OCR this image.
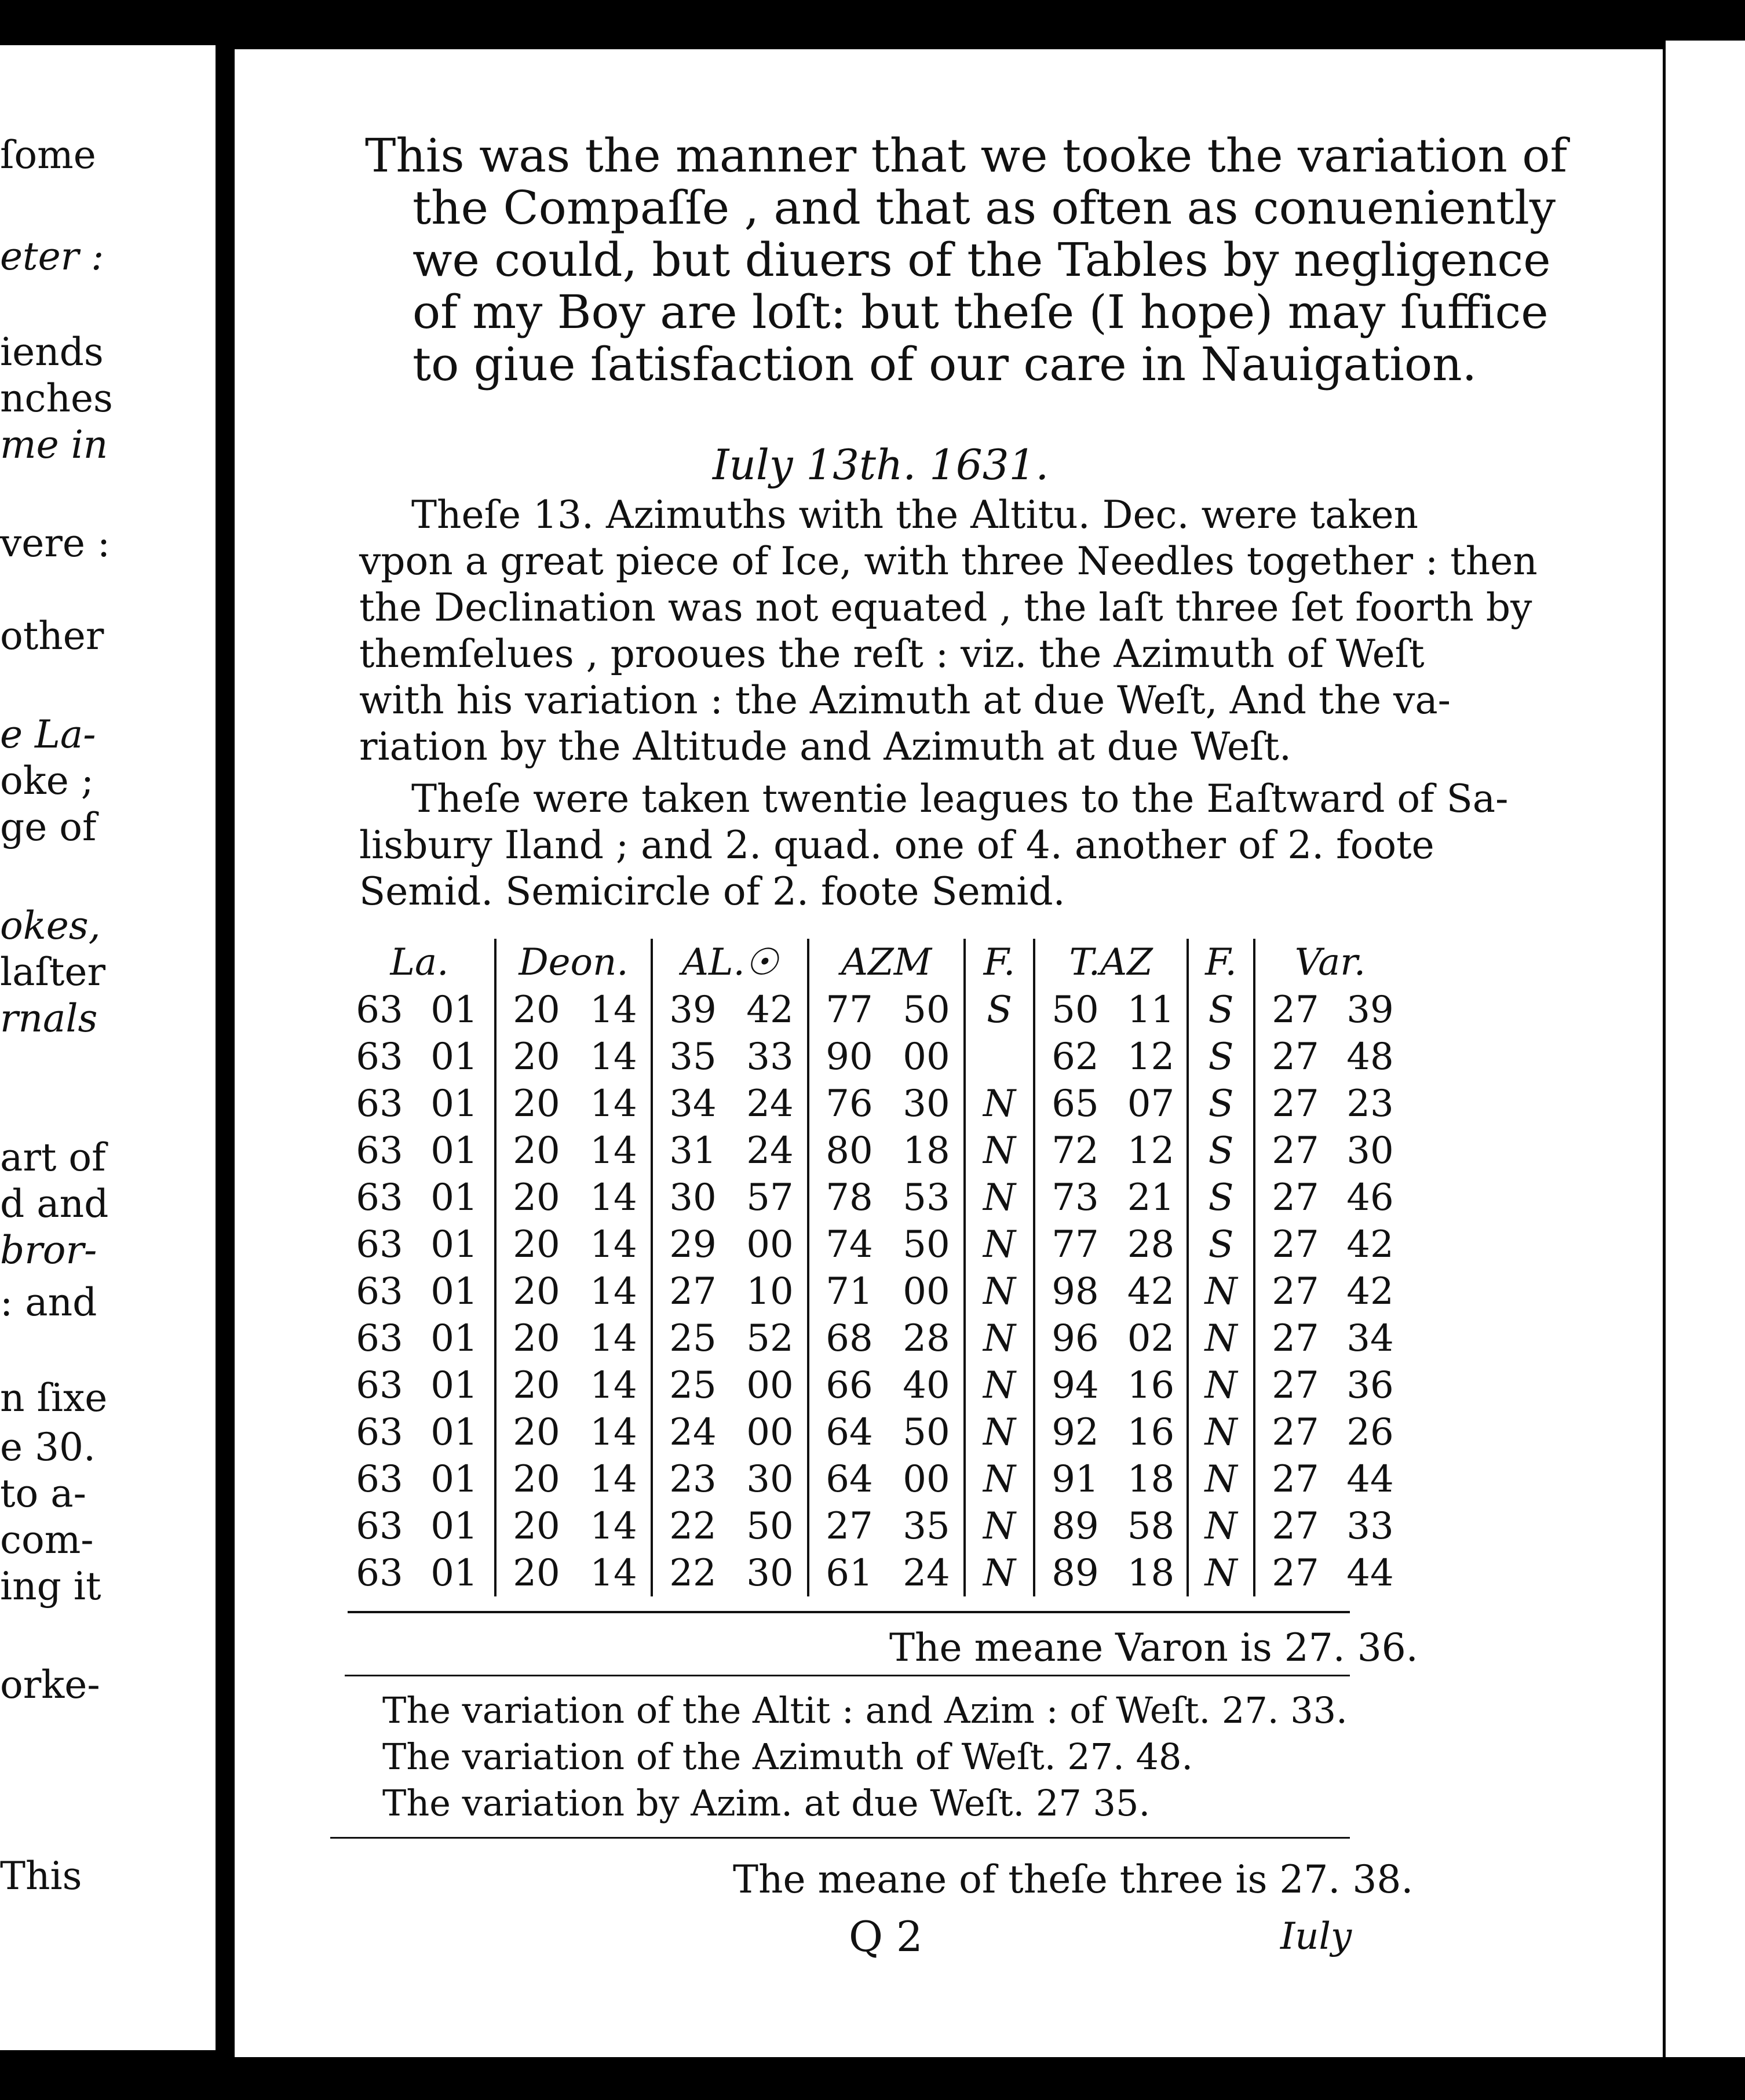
ſome
eter :
iends
nches
me in
vere :
other
e La-
oke ;
ge of
okes,
laſter
rnals
art of
d and
bror-
: and
n ſixe
e 30.
to a-
com-
ing it
orke-
This
This was the manner that we tooke the variation of
the Compaſſe , and that as often as conueniently
we could, but diuers of the Tables by negligence
of my Boy are loſt: but theſe (I hope) may ſuffice
to giue ſatisfaction of our care in Nauigation.
Iuly 13th. 1631.
Theſe 13. Azimuths with the Altitu. Dec. were taken
vpon a great piece of Ice, with three Needles together : then
the Declination was not equated , the laſt three ſet foorth by
themſelues , prooues the reſt : viz. the Azimuth of Weſt
with his variation : the Azimuth at due Weſt, And the va-
riation by the Altitude and Azimuth at due Weſt.
Theſe were taken twentie leagues to the Eaſtward of Sa-
lisbury Iland ; and 2. quad. one of 4. another of 2. foote
Semid. Semicircle of 2. foote Semid.
La.		Deon.		AL.☉		AZM		F.	T.AZ		F.	Var.	
63	01	20	14	39	42	77	50	S	50	11	S	27	39
63	01	20	14	35	33	90	00		62	12	S	27	48
63	01	20	14	34	24	76	30	N	65	07	S	27	23
63	01	20	14	31	24	80	18	N	72	12	S	27	30
63	01	20	14	30	57	78	53	N	73	21	S	27	46
63	01	20	14	29	00	74	50	N	77	28	S	27	42
63	01	20	14	27	10	71	00	N	98	42	N	27	42
63	01	20	14	25	52	68	28	N	96	02	N	27	34
63	01	20	14	25	00	66	40	N	94	16	N	27	36
63	01	20	14	24	00	64	50	N	92	16	N	27	26
63	01	20	14	23	30	64	00	N	91	18	N	27	44
63	01	20	14	22	50	27	35	N	89	58	N	27	33
63	01	20	14	22	30	61	24	N	89	18	N	27	44
The meane Varon is 27. 36.
The variation of the Altit : and Azim : of Weſt. 27. 33.
The variation of the Azimuth of Weſt. 27. 48.
The variation by Azim. at due Weſt. 27 35.
The meane of theſe three is 27. 38.
Q 2	Iuly
